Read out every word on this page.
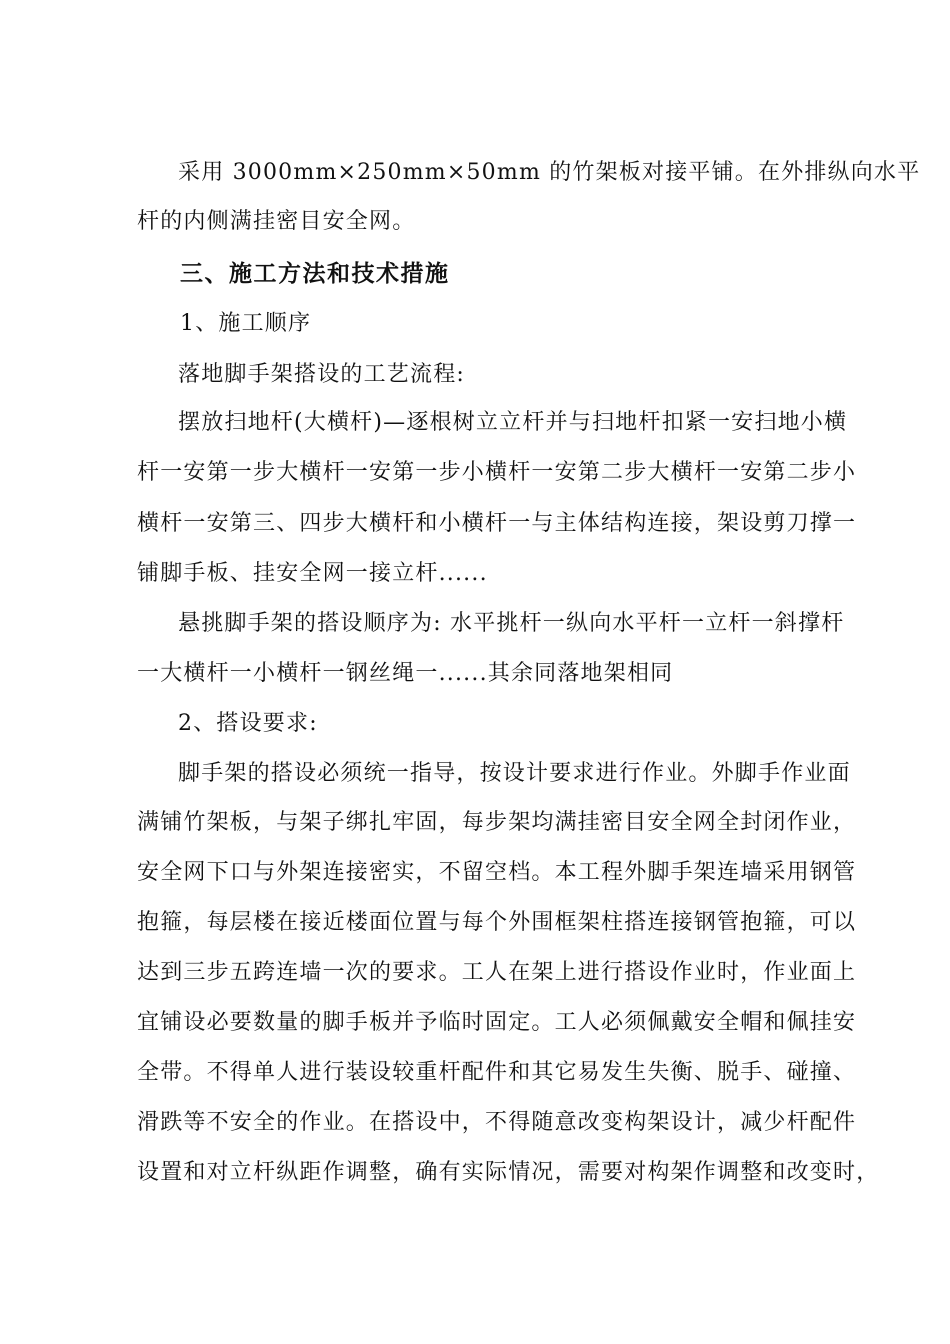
采用 3000mm×250mm×50mm 的竹架板对接平铺。在外排纵向水平
杆的内侧满挂密目安全网。
三、施工方法和技术措施
1、施工顺序
落地脚手架搭设的工艺流程:
摆放扫地杆(大横杆)—逐根树立立杆并与扫地杆扣紧一安扫地小横
杆一安第一步大横杆一安第一步小横杆一安第二步大横杆一安第二步小
横杆一安第三、四步大横杆和小横杆一与主体结构连接，架设剪刀撑一
铺脚手板、挂安全网一接立杆......
悬挑脚手架的搭设顺序为: 水平挑杆一纵向水平杆一立杆一斜撑杆
一大横杆一小横杆一钢丝绳一......其余同落地架相同
2、搭设要求:
脚手架的搭设必须统一指导，按设计要求进行作业。外脚手作业面
满铺竹架板，与架子绑扎牢固，每步架均满挂密目安全网全封闭作业，
安全网下口与外架连接密实，不留空档。本工程外脚手架连墙采用钢管
抱箍，每层楼在接近楼面位置与每个外围框架柱搭连接钢管抱箍，可以
达到三步五跨连墙一次的要求。工人在架上进行搭设作业时，作业面上
宜铺设必要数量的脚手板并予临时固定。工人必须佩戴安全帽和佩挂安
全带。不得单人进行装设较重杆配件和其它易发生失衡、脱手、碰撞、
滑跌等不安全的作业。在搭设中，不得随意改变构架设计，减少杆配件
设置和对立杆纵距作调整，确有实际情况，需要对构架作调整和改变时，
